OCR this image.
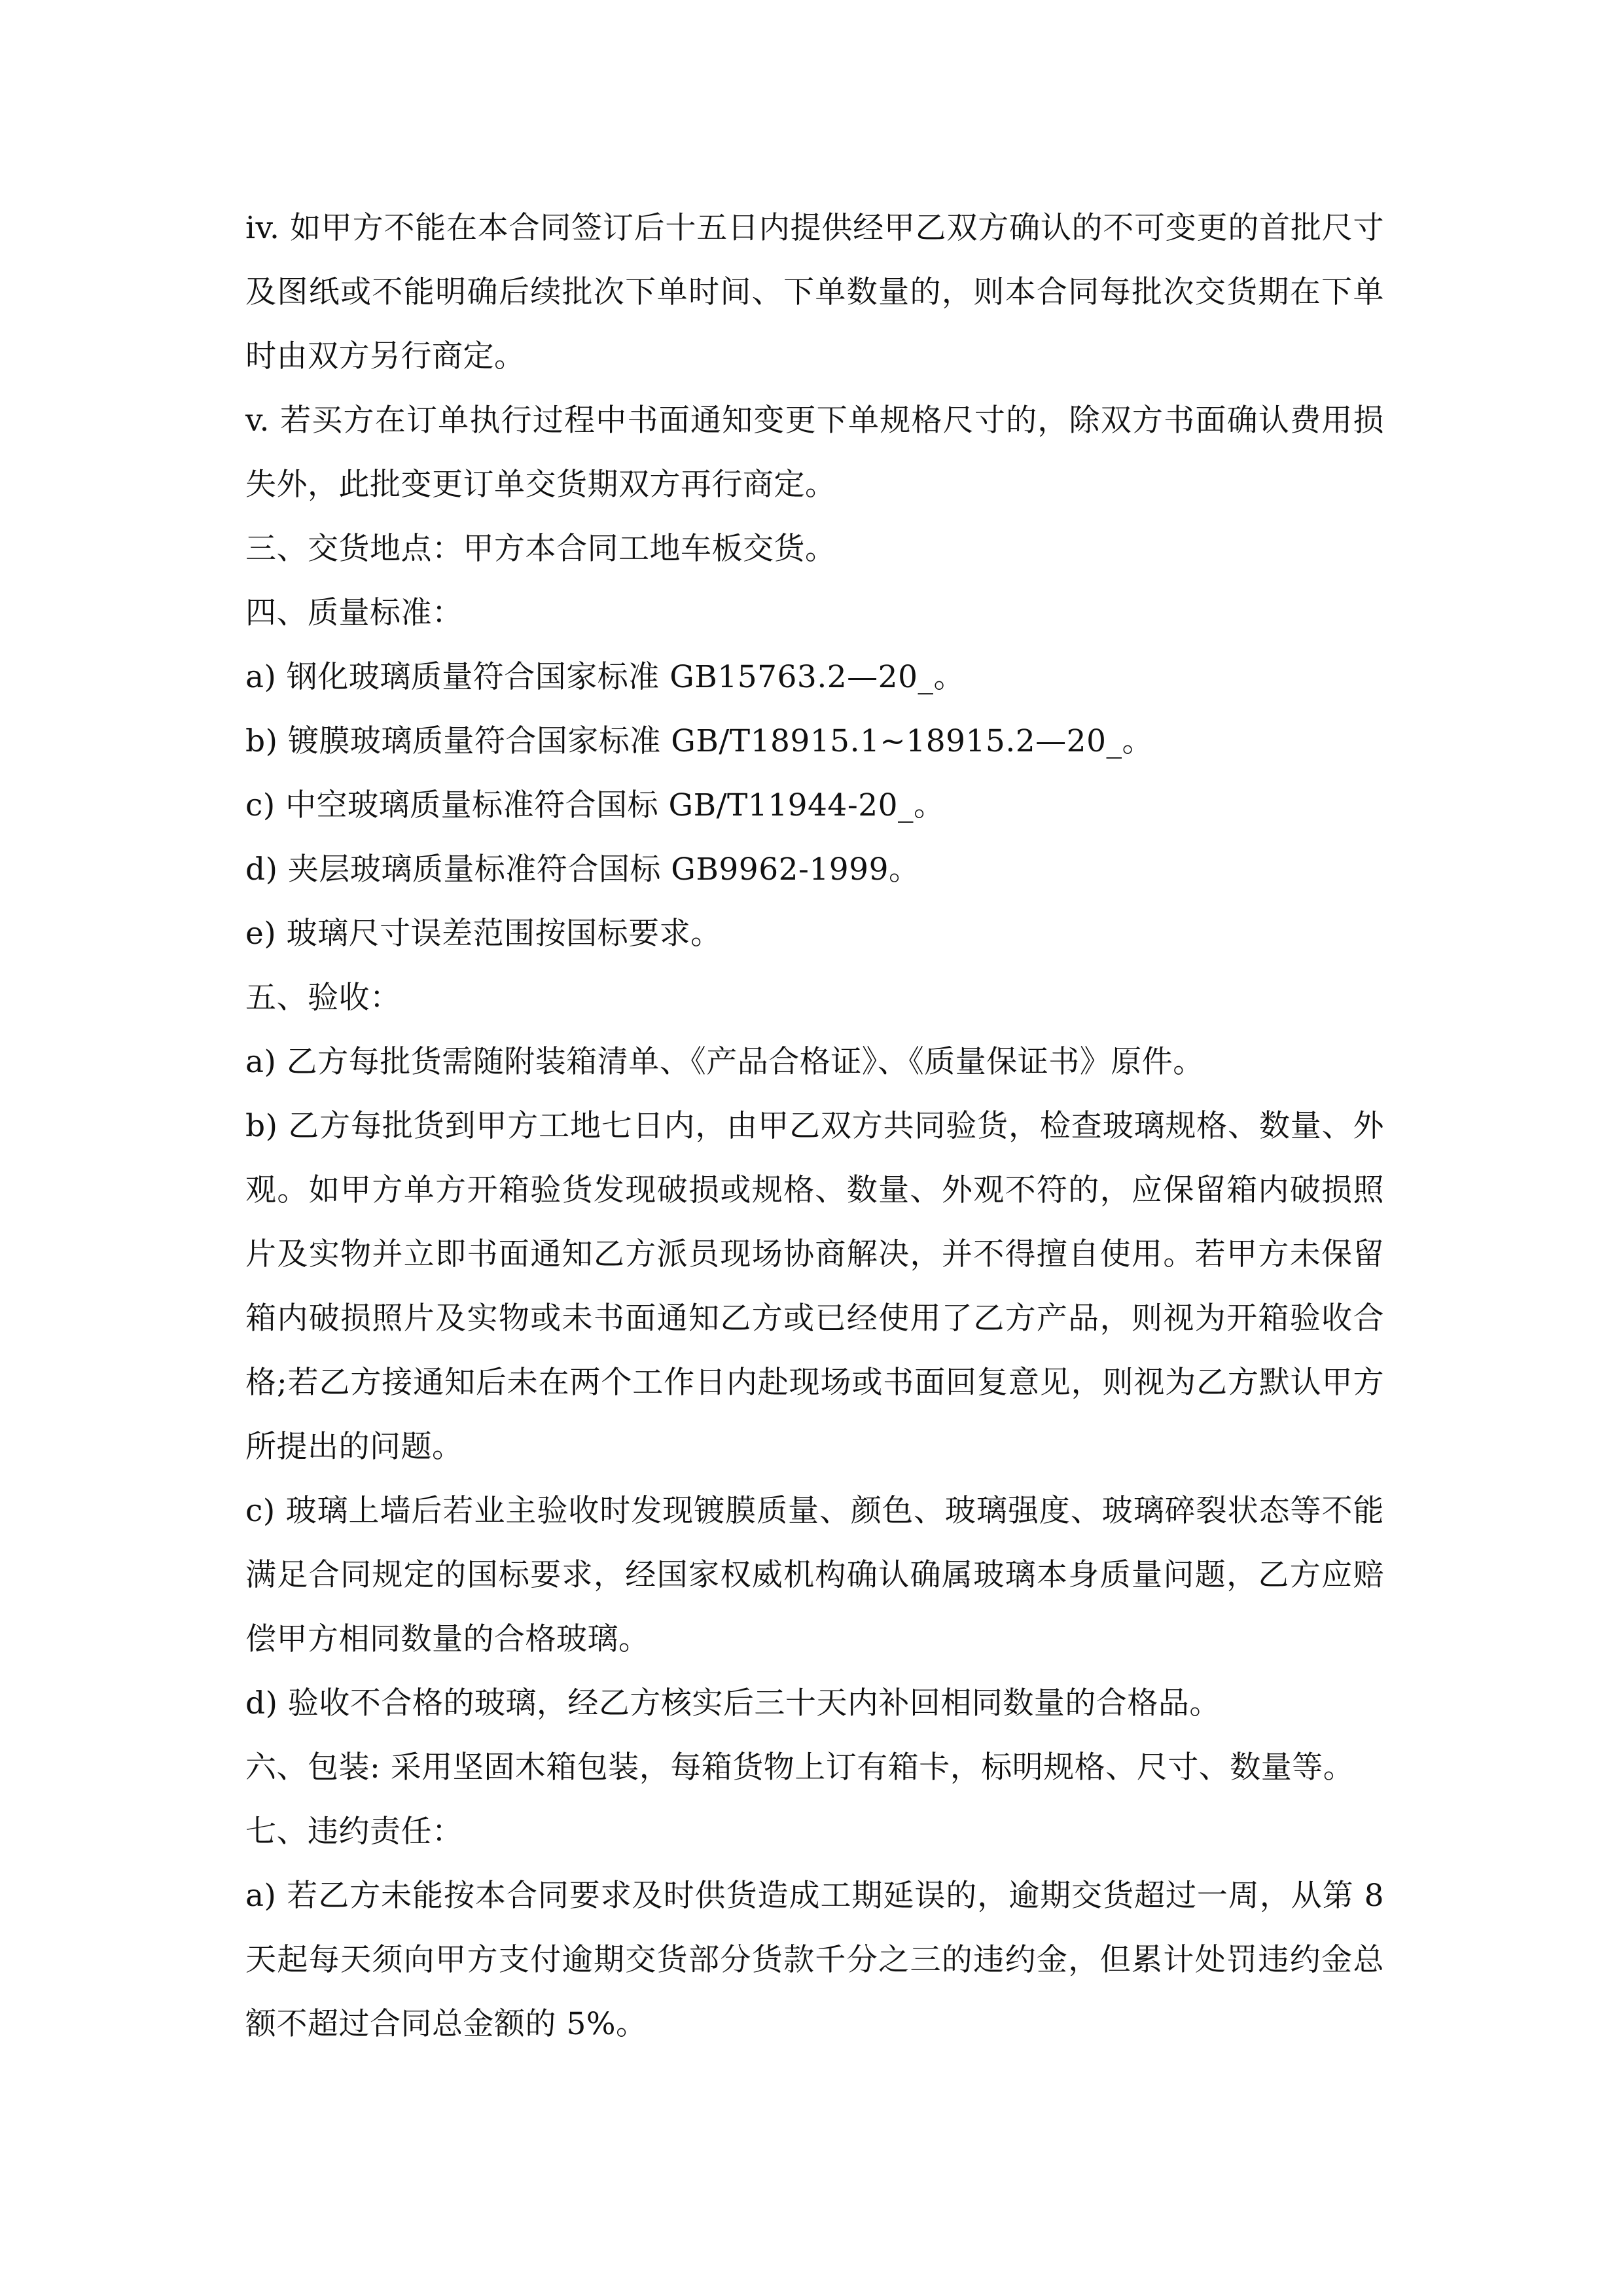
iv. 如甲方不能在本合同签订后十五日内提供经甲乙双方确认的不可变更的首批尺寸及图纸或不能明确后续批次下单时间、下单数量的，则本合同每批次交货期在下单时由双方另行商定。

v. 若买方在订单执行过程中书面通知变更下单规格尺寸的，除双方书面确认费用损失外，此批变更订单交货期双方再行商定。

三、交货地点：甲方本合同工地车板交货。

四、质量标准：

a) 钢化玻璃质量符合国家标准 GB15763.2—20_。

b) 镀膜玻璃质量符合国家标准 GB/T18915.1~18915.2—20_。

c) 中空玻璃质量标准符合国标 GB/T11944-20_。

d) 夹层玻璃质量标准符合国标 GB9962-1999。

e) 玻璃尺寸误差范围按国标要求。

五、验收：

a) 乙方每批货需随附装箱清单、《产品合格证》、《质量保证书》原件。

b) 乙方每批货到甲方工地七日内，由甲乙双方共同验货，检查玻璃规格、数量、外观。如甲方单方开箱验货发现破损或规格、数量、外观不符的，应保留箱内破损照片及实物并立即书面通知乙方派员现场协商解决，并不得擅自使用。若甲方未保留箱内破损照片及实物或未书面通知乙方或已经使用了乙方产品，则视为开箱验收合格;若乙方接通知后未在两个工作日内赴现场或书面回复意见，则视为乙方默认甲方所提出的问题。

c) 玻璃上墙后若业主验收时发现镀膜质量、颜色、玻璃强度、玻璃碎裂状态等不能满足合同规定的国标要求，经国家权威机构确认确属玻璃本身质量问题，乙方应赔偿甲方相同数量的合格玻璃。

d) 验收不合格的玻璃，经乙方核实后三十天内补回相同数量的合格品。

六、包装: 采用坚固木箱包装，每箱货物上订有箱卡，标明规格、尺寸、数量等。

七、违约责任：

a) 若乙方未能按本合同要求及时供货造成工期延误的，逾期交货超过一周，从第 8 天起每天须向甲方支付逾期交货部分货款千分之三的违约金，但累计处罚违约金总额不超过合同总金额的 5%。
